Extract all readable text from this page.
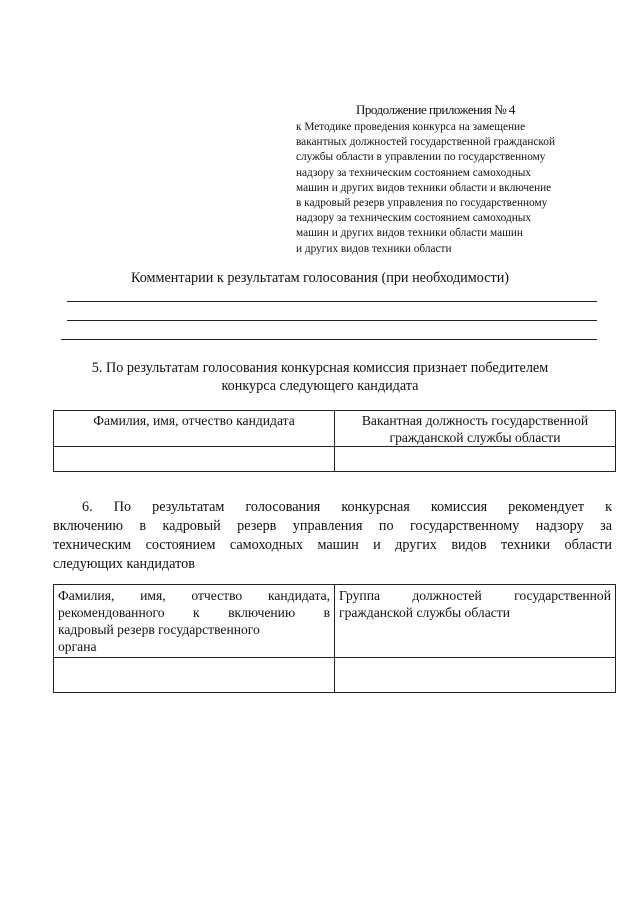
Продолжение приложения № 4
к Методике проведения конкурса на замещение
вакантных должностей государственной гражданской
службы области в управлении по государственному
надзору за техническим состоянием самоходных
машин и других видов техники области и включение
в кадровый резерв управления по государственному
надзору за техническим состоянием самоходных
машин и других видов техники области машин
и других видов техники области
Комментарии к результатам голосования (при необходимости)
5. По результатам голосования конкурсная комиссия признает победителем
конкурса следующего кандидата
Фамилия, имя, отчество кандидата	Вакантная должность государственной
гражданской службы области

6. По результатам голосования конкурсная комиссия рекомендует к
включению в кадровый резерв управления по государственному надзору за
техническим состоянием самоходных машин и других видов техники области
следующих кандидатов
Фамилия, имя, отчество кандидата,
рекомендованного к включению в
кадровый резерв государственного
органа	Группа должностей государственной
гражданской службы области
